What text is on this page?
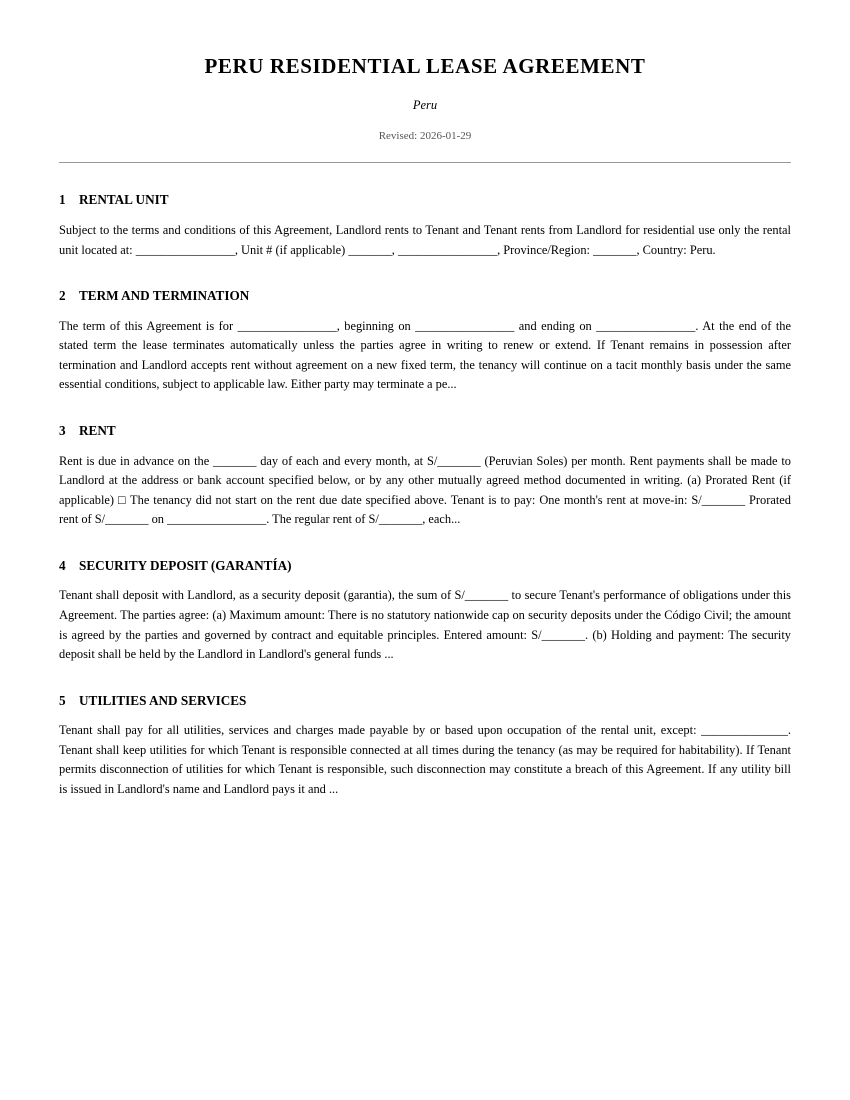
PERU RESIDENTIAL LEASE AGREEMENT
Peru
Revised: 2026-01-29
1 RENTAL UNIT

Subject to the terms and conditions of this Agreement, Landlord rents to Tenant and Tenant rents from Landlord for residential use only the rental unit located at: ________________, Unit # (if applicable) _______, ________________, Province/Region: _______, Country: Peru.

2 TERM AND TERMINATION

The term of this Agreement is for ________________, beginning on ________________ and ending on ________________. At the end of the stated term the lease terminates automatically unless the parties agree in writing to renew or extend. If Tenant remains in possession after termination and Landlord accepts rent without agreement on a new fixed term, the tenancy will continue on a tacit monthly basis under the same essential conditions, subject to applicable law. Either party may terminate a pe...

3 RENT

Rent is due in advance on the _______ day of each and every month, at S/_______ (Peruvian Soles) per month. Rent payments shall be made to Landlord at the address or bank account specified below, or by any other mutually agreed method documented in writing. (a) Prorated Rent (if applicable) □ The tenancy did not start on the rent due date specified above. Tenant is to pay: One month's rent at move-in: S/_______ Prorated rent of S/_______ on ________________. The regular rent of S/_______, each...

4 SECURITY DEPOSIT (GARANTÍA)

Tenant shall deposit with Landlord, as a security deposit (garantia), the sum of S/_______ to secure Tenant's performance of obligations under this Agreement. The parties agree: (a) Maximum amount: There is no statutory nationwide cap on security deposits under the Código Civil; the amount is agreed by the parties and governed by contract and equitable principles. Entered amount: S/_______. (b) Holding and payment: The security deposit shall be held by the Landlord in Landlord's general funds ...

5 UTILITIES AND SERVICES

Tenant shall pay for all utilities, services and charges made payable by or based upon occupation of the rental unit, except: ______________. Tenant shall keep utilities for which Tenant is responsible connected at all times during the tenancy (as may be required for habitability). If Tenant permits disconnection of utilities for which Tenant is responsible, such disconnection may constitute a breach of this Agreement. If any utility bill is issued in Landlord's name and Landlord pays it and ...
